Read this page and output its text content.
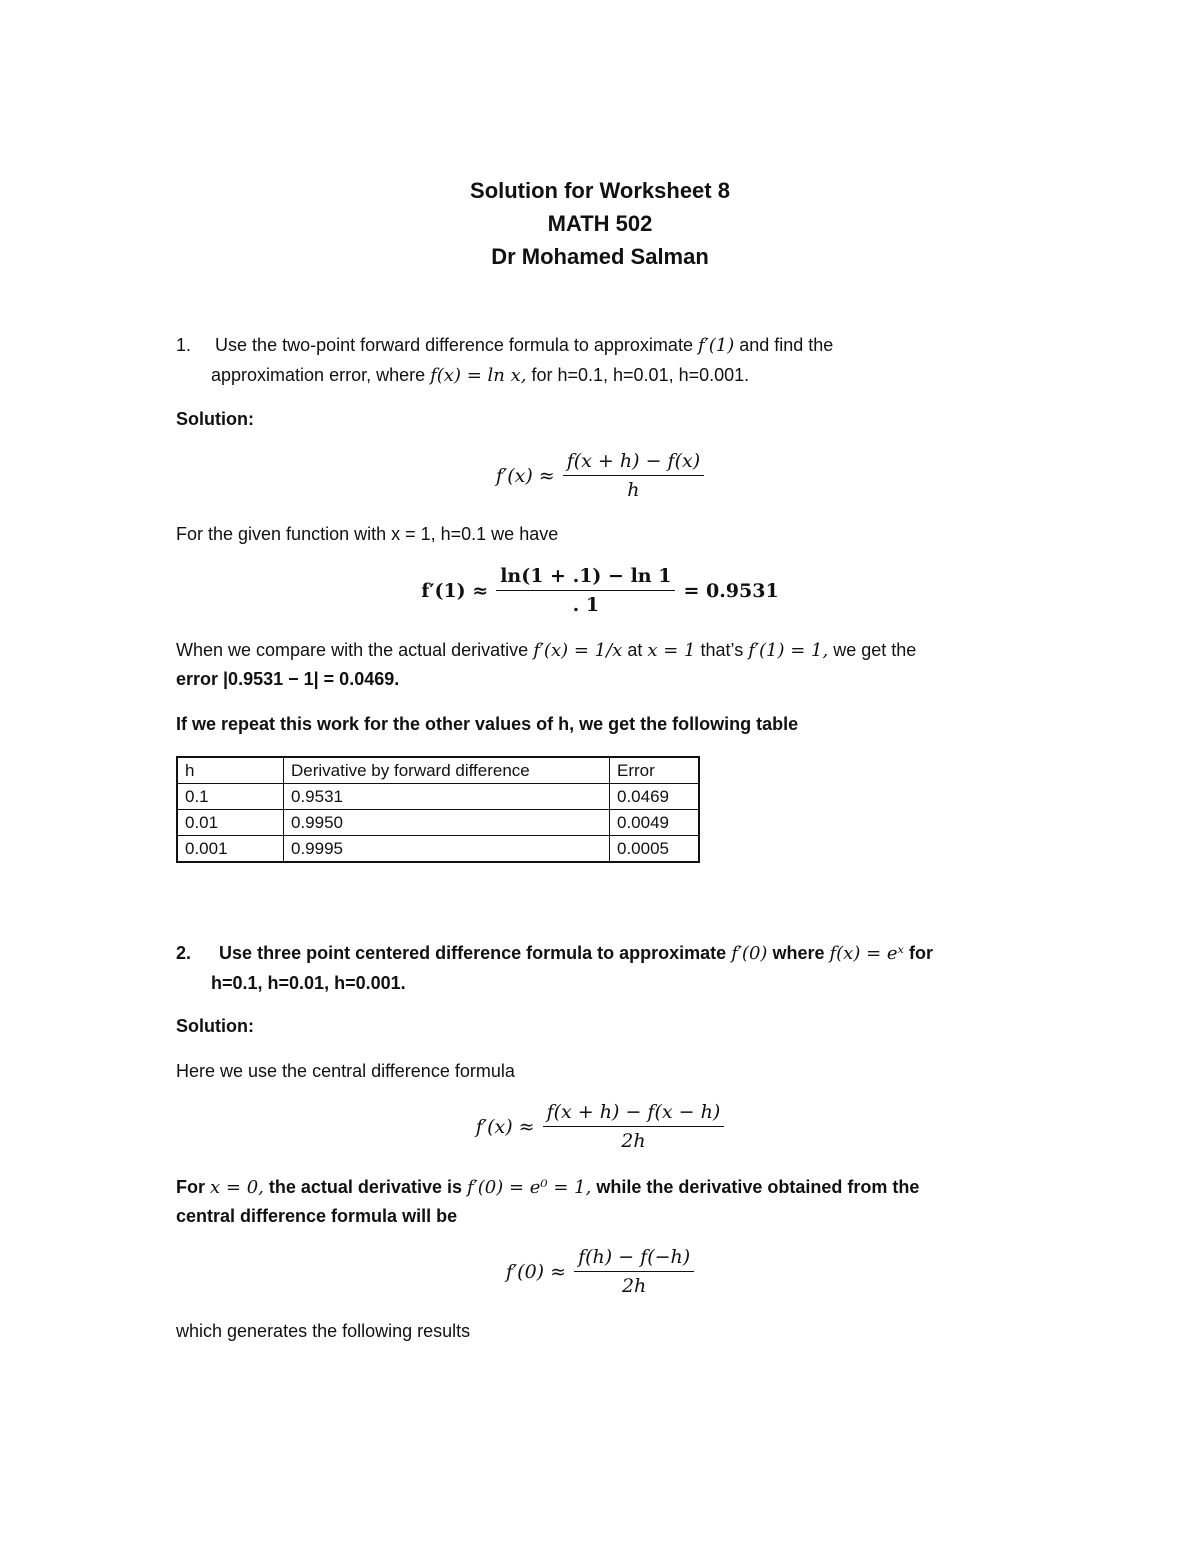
Solution for Worksheet 8
MATH 502
Dr Mohamed Salman
1. Use the two-point forward difference formula to approximate f′(1) and find the
approximation error, where f(x) = ln x, for h=0.1, h=0.01, h=0.001.
Solution:
$f'(x) \approx \frac{f(x + h) - f(x)}{h}$
For the given function with x = 1, h=0.1 we have
$f'(1) \approx \frac{\ln(1 + .1) - \ln 1}{. 1} = 0.9531$
When we compare with the actual derivative f′(x) = 1/x at x = 1 that’s f′(1) = 1, we get the
error |0.9531 − 1| = 0.0469.
If we repeat this work for the other values of h, we get the following table
h	Derivative by forward difference	Error
0.1	0.9531	0.0469
0.01	0.9950	0.0049
0.001	0.9995	0.0005
2. Use three point centered difference formula to approximate f′(0) where f(x) = eˣ for
h=0.1, h=0.01, h=0.001.
Solution:
Here we use the central difference formula
$f'(x) \approx \frac{f(x + h) - f(x - h)}{2h}$
For x = 0, the actual derivative is f′(0) = e⁰ = 1, while the derivative obtained from the
central difference formula will be
$f'(0) \approx \frac{f(h) - f(-h)}{2h}$
which generates the following results
